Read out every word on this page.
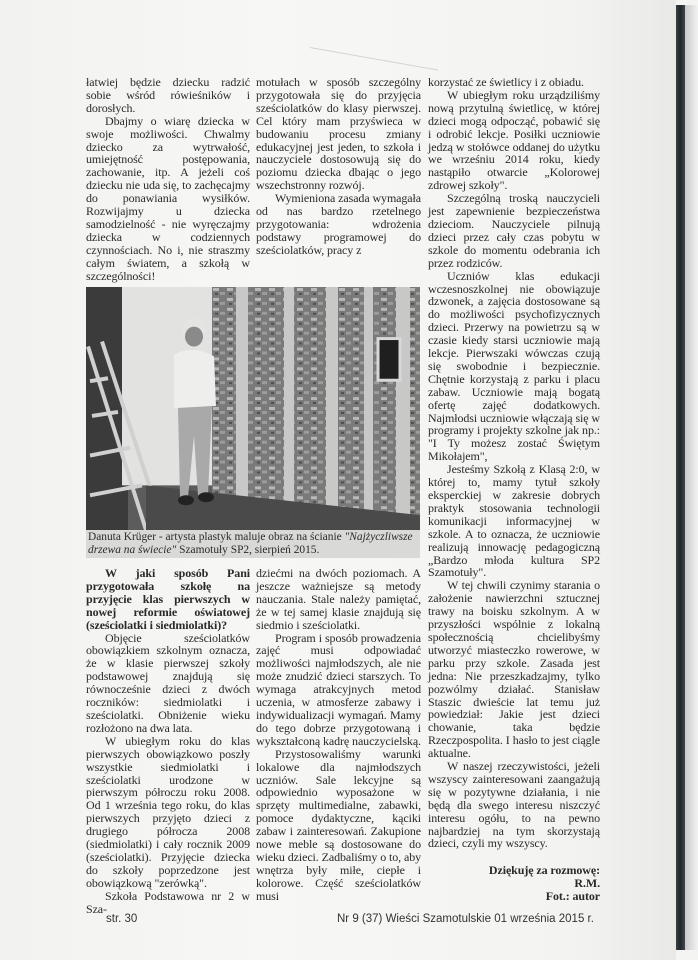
łatwiej będzie dziecku radzić sobie wśród rówieśników i dorosłych.

Dbajmy o wiarę dziecka w swoje możliwości. Chwalmy dziecko za wytrwałość, umiejętność postępowania, zachowanie, itp. A jeżeli coś dziecku nie uda się, to zachęcajmy do ponawiania wysiłków. Rozwijajmy u dziecka samodzielność - nie wyręczajmy dziecka w codziennych czynnościach. No i, nie straszmy całym światem, a szkołą w szczególności!

motułach w sposób szczególny przygotowała się do przyjęcia sześciolatków do klasy pierwszej. Cel który mam przyświeca w budowaniu procesu zmiany edukacyjnej jest jeden, to szkoła i nauczyciele dostosowują się do poziomu dziecka dbając o jego wszechstronny rozwój.

Wymieniona zasada wymagała od nas bardzo rzetelnego przygotowania: wdrożenia podstawy programowej do sześciolatków, pracy z

korzystać ze świetlicy i z obiadu.

W ubiegłym roku urządziliśmy nową przytulną świetlicę, w której dzieci mogą odpocząć, pobawić się i odrobić lekcje. Posiłki uczniowie jedzą w stołówce oddanej do użytku we wrześniu 2014 roku, kiedy nastąpiło otwarcie „Kolorowej zdrowej szkoły".

Szczególną troską nauczycieli jest zapewnienie bezpieczeństwa dzieciom. Nauczyciele pilnują dzieci przez cały czas pobytu w szkole do momentu odebrania ich przez rodziców.

Uczniów klas edukacji wczesnoszkolnej nie obowiązuje dzwonek, a zajęcia dostosowane są do możliwości psychofizycznych dzieci. Przerwy na powietrzu są w czasie kiedy starsi uczniowie mają lekcje. Pierwszaki wówczas czują się swobodnie i bezpiecznie. Chętnie korzystają z parku i placu zabaw. Uczniowie mają bogatą ofertę zajęć dodatkowych. Najmłodsi uczniowie włączają się w programy i projekty szkolne jak np.: "I Ty możesz zostać Świętym Mikołajem",

Jesteśmy Szkołą z Klasą 2:0, w której to, mamy tytuł szkoły eksperckiej w zakresie dobrych praktyk stosowania technologii komunikacji informacyjnej w szkole. A to oznacza, że uczniowie realizują innowację pedagogiczną „Bardzo młoda kultura SP2 Szamotuły".

W tej chwili czynimy starania o założenie nawierzchni sztucznej trawy na boisku szkolnym. A w przyszłości wspólnie z lokalną społecznością chcielibyśmy utworzyć miasteczko rowerowe, w parku przy szkole. Zasada jest jedna: Nie przeszkadzajmy, tylko pozwólmy działać. Stanisław Staszic dwieście lat temu już powiedział: Jakie jest dzieci chowanie, taka będzie Rzeczpospolita. I hasło to jest ciągle aktualne.

W naszej rzeczywistości, jeżeli wszyscy zainteresowani zaangażują się w pozytywne działania, i nie będą dla swego interesu niszczyć interesu ogółu, to na pewno najbardziej na tym skorzystają dzieci, czyli my wszyscy.

Dziękuję za rozmowę:

R.M.

Fot.: autor

Danuta Krüger - artysta plastyk maluje obraz na ścianie "Najżyczliwsze drzewa na świecie" Szamotuły SP2, sierpień 2015.

W jaki sposób Pani przygotowała szkołę na przyjęcie klas pierwszych w nowej reformie oświatowej (sześciolatki i siedmiolatki)?

Objęcie sześciolatków obowiązkiem szkolnym oznacza, że w klasie pierwszej szkoły podstawowej znajdują się równocześnie dzieci z dwóch roczników: siedmiolatki i sześciolatki. Obniżenie wieku rozłożono na dwa lata.

W ubiegłym roku do klas pierwszych obowiązkowo poszły wszystkie siedmiolatki i sześciolatki urodzone w pierwszym półroczu roku 2008. Od 1 września tego roku, do klas pierwszych przyjęto dzieci z drugiego półrocza 2008 (siedmiolatki) i cały rocznik 2009 (sześciolatki). Przyjęcie dziecka do szkoły poprzedzone jest obowiązkową "zerówką".

Szkoła Podstawowa nr 2 w Sza-

dziećmi na dwóch poziomach. A jeszcze ważniejsze są metody nauczania. Stale należy pamiętać, że w tej samej klasie znajdują się siedmio i sześciolatki.

Program i sposób prowadzenia zajęć musi odpowiadać możliwości najmłodszych, ale nie może znudzić dzieci starszych. To wymaga atrakcyjnych metod uczenia, w atmosferze zabawy i indywidualizacji wymagań. Mamy do tego dobrze przygotowaną i wykształconą kadrę nauczycielską.

Przystosowaliśmy warunki lokalowe dla najmłodszych uczniów. Sale lekcyjne są odpowiednio wyposażone w sprzęty multimedialne, zabawki, pomoce dydaktyczne, kąciki zabaw i zainteresowań. Zakupione nowe meble są dostosowane do wieku dzieci. Zadbaliśmy o to, aby wnętrza były miłe, ciepłe i kolorowe. Część sześciolatków musi

str. 30	Nr 9 (37) Wieści Szamotulskie 01 września 2015 r.
